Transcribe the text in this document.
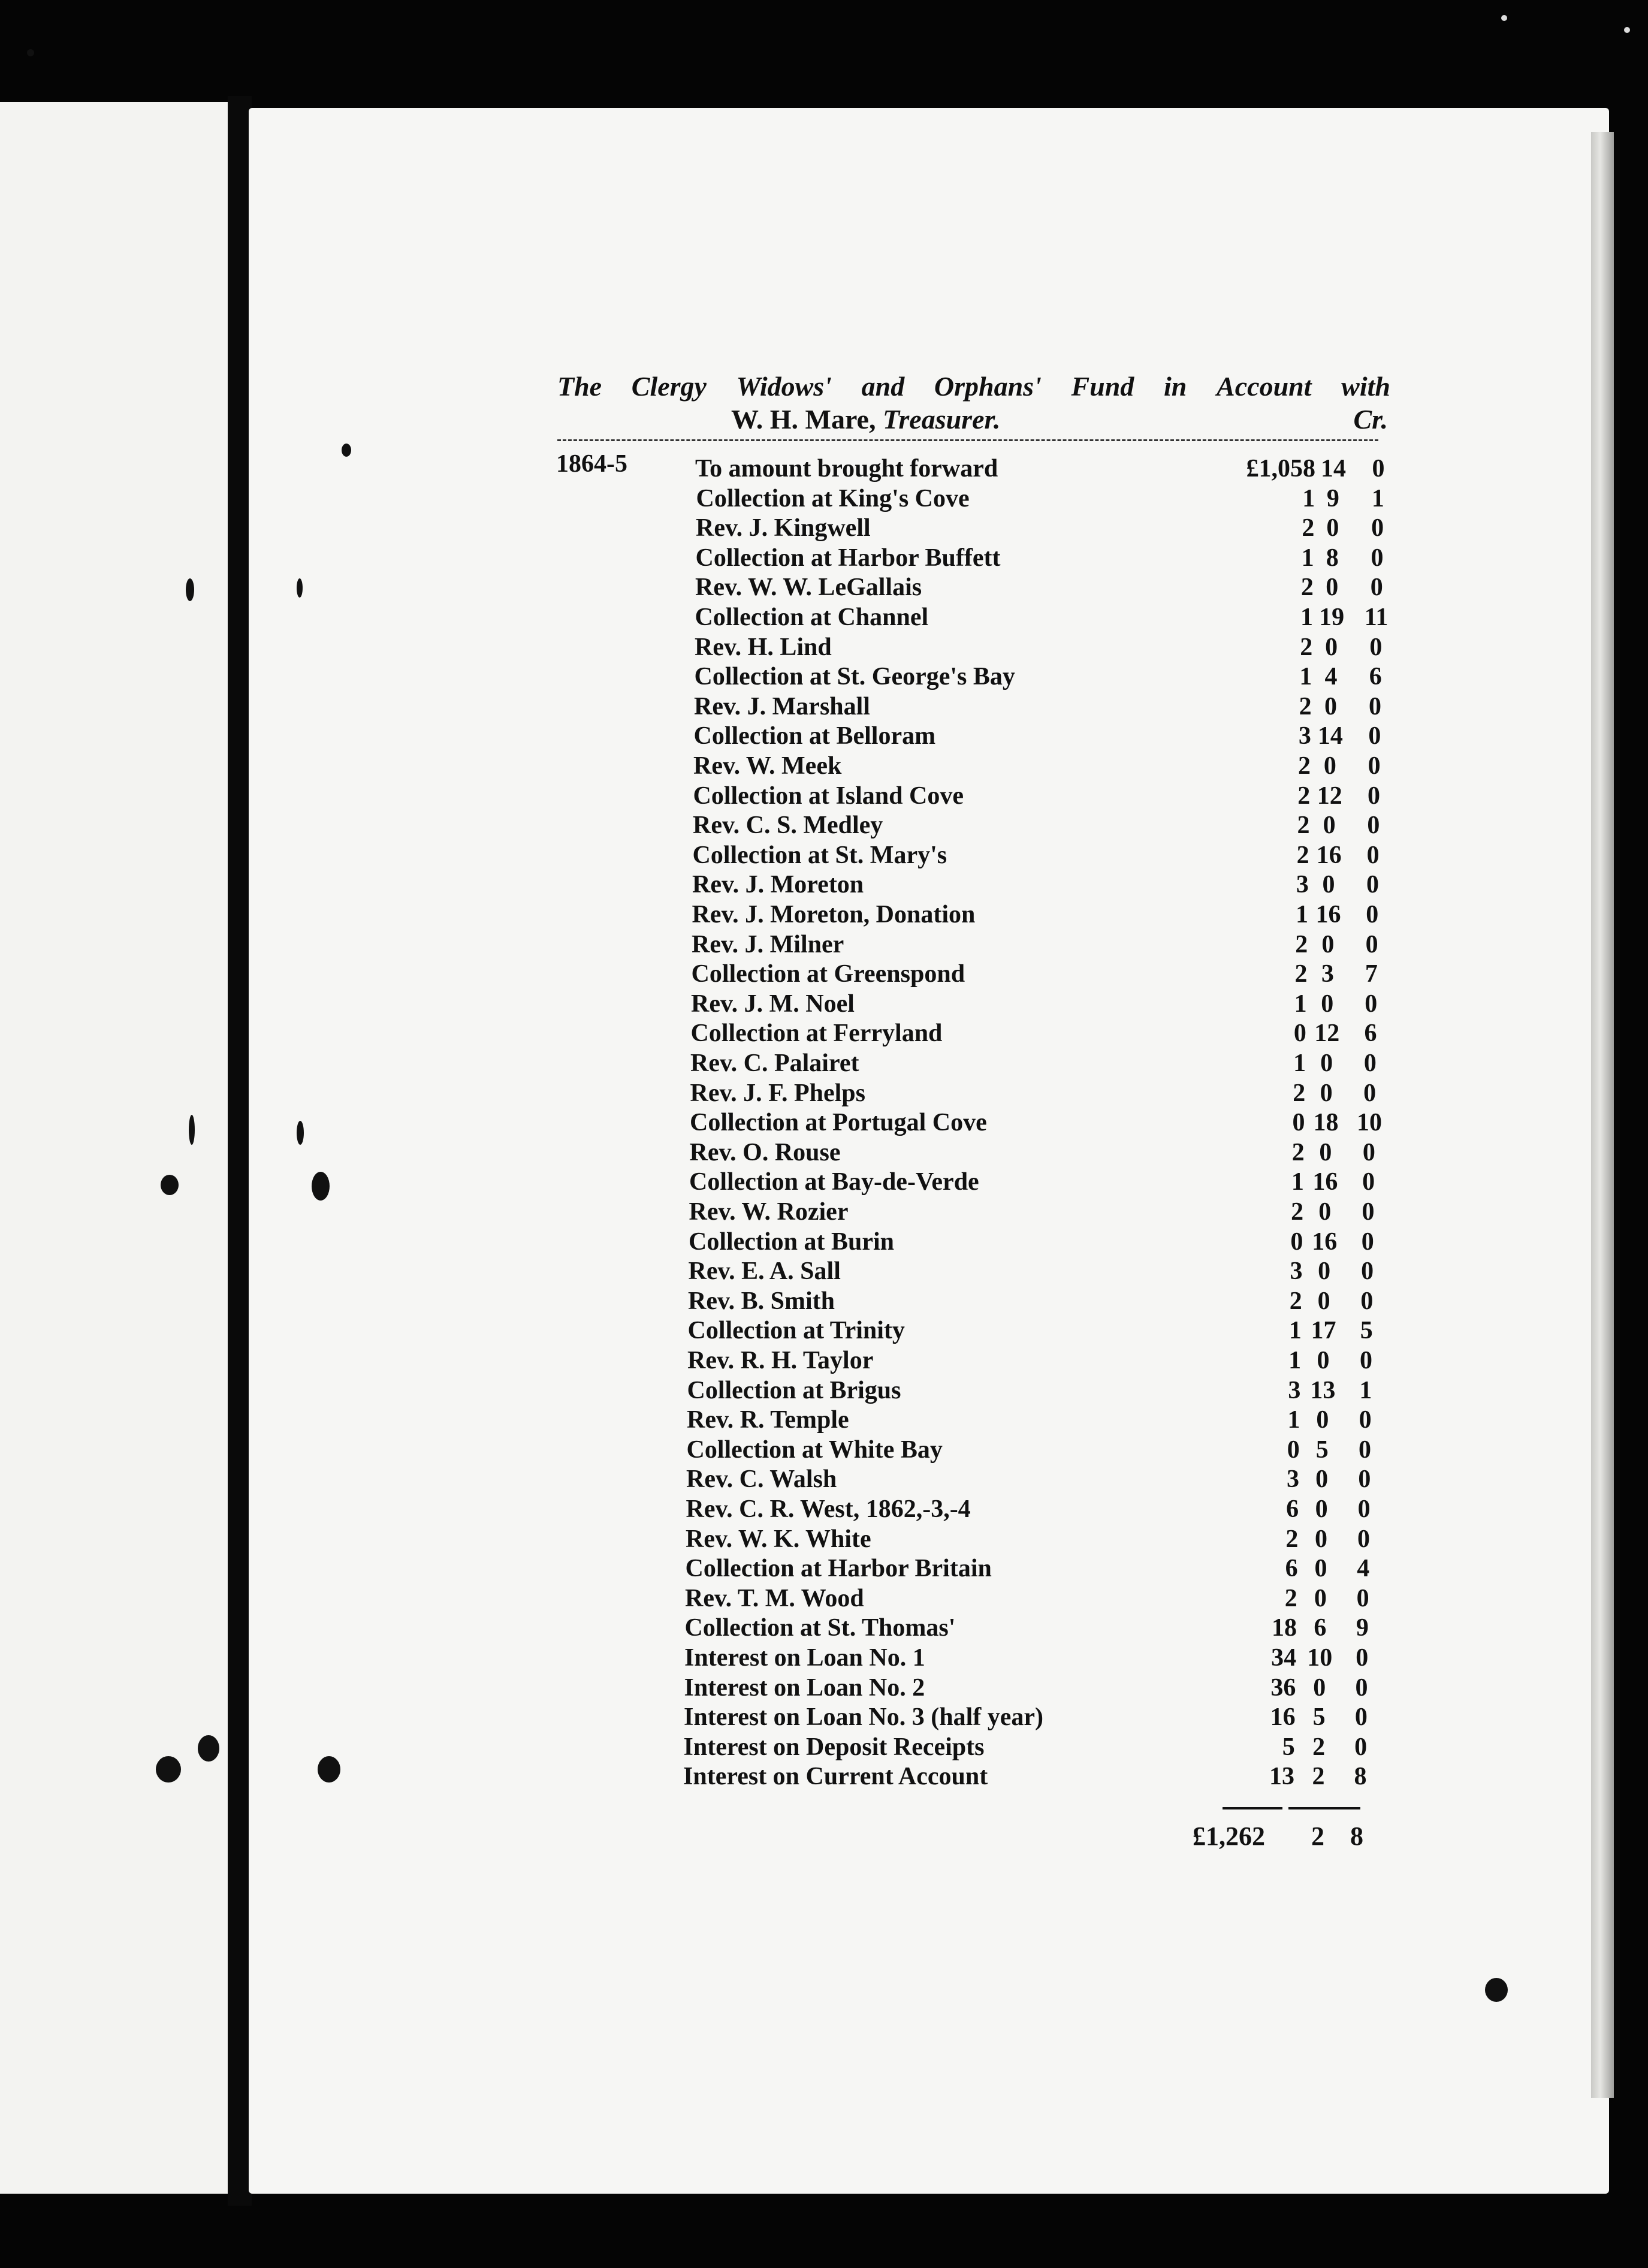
The Clergy Widows' and Orphans' Fund in Account with
W. H. Mare, Treasurer.	Cr.
1864-5	To amount brought forward	£1,058 14	0
Collection at King's Cove	1 9	1
Rev. J. Kingwell	2 0	0
Collection at Harbor Buffett	1 8	0
Rev. W. W. LeGallais	2 0	0
Collection at Channel	1 19 11
Rev. H. Lind	2 0	0
Collection at St. George's Bay	1 4	6
Rev. J. Marshall	2 0	0
Collection at Belloram	3 14	0
Rev. W. Meek	2 0	0
Collection at Island Cove	2 12	0
Rev. C. S. Medley	2 0	0
Collection at St. Mary's	2 16	0
Rev. J. Moreton	3 0	0
Rev. J. Moreton, Donation	1 16 0
Rev. J. Milner	2 0	0
Collection at Greenspond	2 3	7
Rev. J. M. Noel	1 0	0
Collection at Ferryland	0 12 6
Rev. C. Palairet	1 0	0
Rev. J. F. Phelps	2 0	0
Collection at Portugal Cove	0 18 10
Rev. O. Rouse	2 0	0
Collection at Bay-de-Verde	1 16 0
Rev. W. Rozier	2 0	0
Collection at Burin	0 16 0
Rev. E. A. Sall	3 0	0
Rev. B. Smith	2 0	0
Collection at Trinity	1 17 5
Rev. R. H. Taylor	1 0	0
Collection at Brigus	3 13 1
Rev. R. Temple	1 0	0
Collection at White Bay	0 5	0
Rev. C. Walsh	3 0	0
Rev. C. R. West, 1862,-3,-4	6 0	0
Rev. W. K. White	2 0	0
Collection at Harbor Britain	6 0	4
Rev. T. M. Wood	2 0	0
Collection at St. Thomas'	18 6	9
Interest on Loan No. 1	34 10 0
Interest on Loan No. 2	36 0	0
Interest on Loan No. 3 (half year)	16 5	0
Interest on Deposit Receipts	5 2	0
Interest on Current Account	13 2	8
£1,262 2 8
